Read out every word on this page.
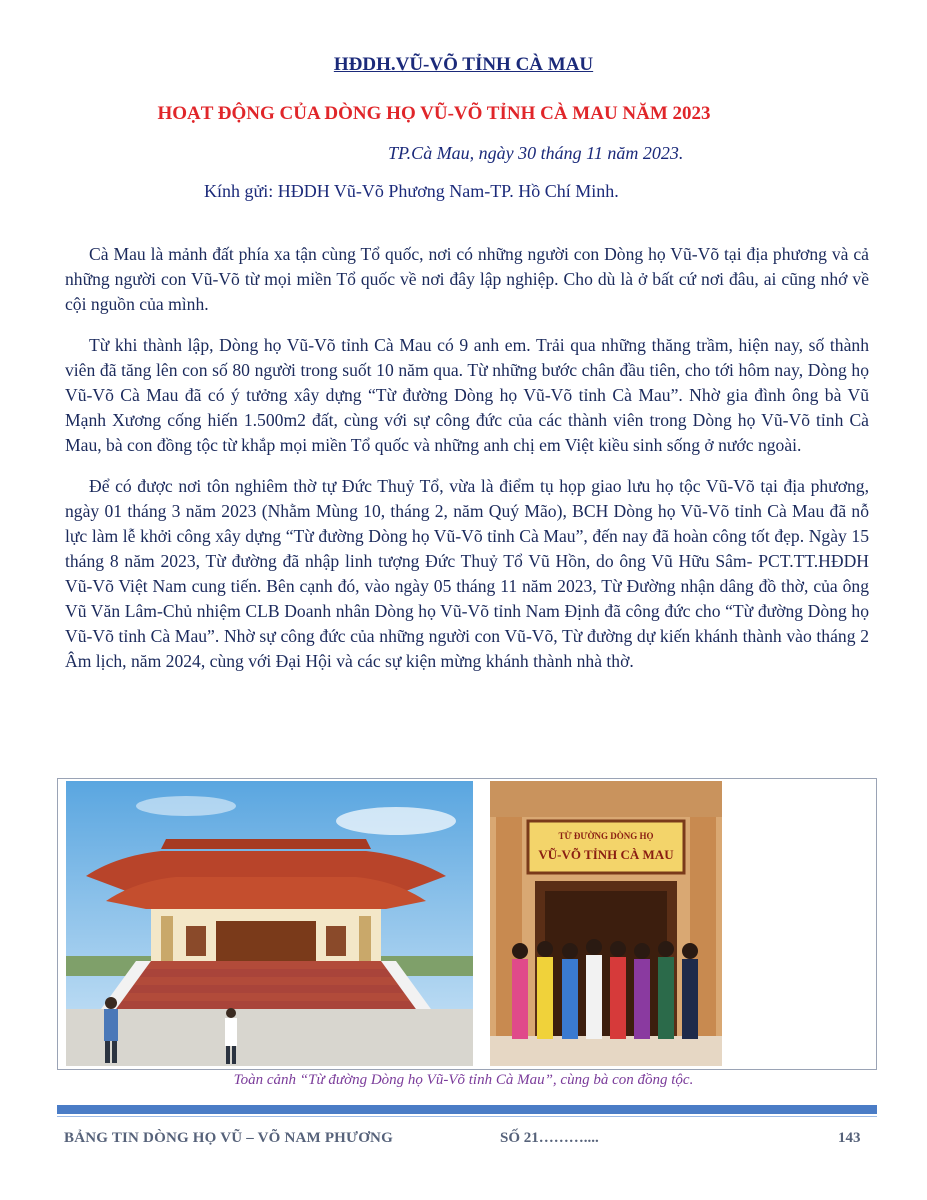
HĐDH.VŨ-VÕ TỈNH CÀ MAU
HOẠT ĐỘNG CỦA DÒNG HỌ VŨ-VÕ TỈNH CÀ MAU NĂM 2023
TP.Cà Mau, ngày 30 tháng 11 năm 2023.
Kính gửi: HĐDH Vũ-Võ Phương Nam-TP. Hồ Chí Minh.

Cà Mau là mảnh đất phía xa tận cùng Tổ quốc, nơi có những người con Dòng họ Vũ-Võ tại địa phương và cả những người con Vũ-Võ từ mọi miền Tổ quốc về nơi đây lập nghiệp. Cho dù là ở bất cứ nơi đâu, ai cũng nhớ về cội nguồn của mình.

Từ khi thành lập, Dòng họ Vũ-Võ tỉnh Cà Mau có 9 anh em. Trải qua những thăng trầm, hiện nay, số thành viên đã tăng lên con số 80 người trong suốt 10 năm qua. Từ những bước chân đầu tiên, cho tới hôm nay, Dòng họ Vũ-Võ Cà Mau đã có ý tưởng xây dựng “Từ đường Dòng họ Vũ-Võ tỉnh Cà Mau”. Nhờ gia đình ông bà Vũ Mạnh Xương cống hiến 1.500m2 đất, cùng với sự công đức của các thành viên trong Dòng họ Vũ-Võ tỉnh Cà Mau, bà con đồng tộc từ khắp mọi miền Tổ quốc và những anh chị em Việt kiều sinh sống ở nước ngoài.

Để có được nơi tôn nghiêm thờ tự Đức Thuỷ Tổ, vừa là điểm tụ họp giao lưu họ tộc Vũ-Võ tại địa phương, ngày 01 tháng 3 năm 2023 (Nhằm Mùng 10, tháng 2, năm Quý Mão), BCH Dòng họ Vũ-Võ tỉnh Cà Mau đã nỗ lực làm lễ khởi công xây dựng “Từ đường Dòng họ Vũ-Võ tỉnh Cà Mau”, đến nay đã hoàn công tốt đẹp. Ngày 15 tháng 8 năm 2023, Từ đường đã nhập linh tượng Đức Thuỷ Tổ Vũ Hồn, do ông Vũ Hữu Sâm- PCT.TT.HĐDH Vũ-Võ Việt Nam cung tiến. Bên cạnh đó, vào ngày 05 tháng 11 năm 2023, Từ Đường nhận dâng đồ thờ, của ông Vũ Văn Lâm-Chủ nhiệm CLB Doanh nhân Dòng họ Vũ-Võ tỉnh Nam Định đã công đức cho “Từ đường Dòng họ Vũ-Võ tỉnh Cà Mau”. Nhờ sự công đức của những người con Vũ-Võ, Từ đường dự kiến khánh thành vào tháng 2 Âm lịch, năm 2024, cùng với Đại Hội và các sự kiện mừng khánh thành nhà thờ.

TỪ ĐƯỜNG DÒNG HỌ
VŨ-VÕ TỈNH CÀ MAU
Toàn cảnh “Từ đường Dòng họ Vũ-Võ tỉnh Cà Mau”, cùng bà con đồng tộc.
BẢNG TIN DÒNG HỌ VŨ – VÕ NAM PHƯƠNG	SỐ 21………....	143
